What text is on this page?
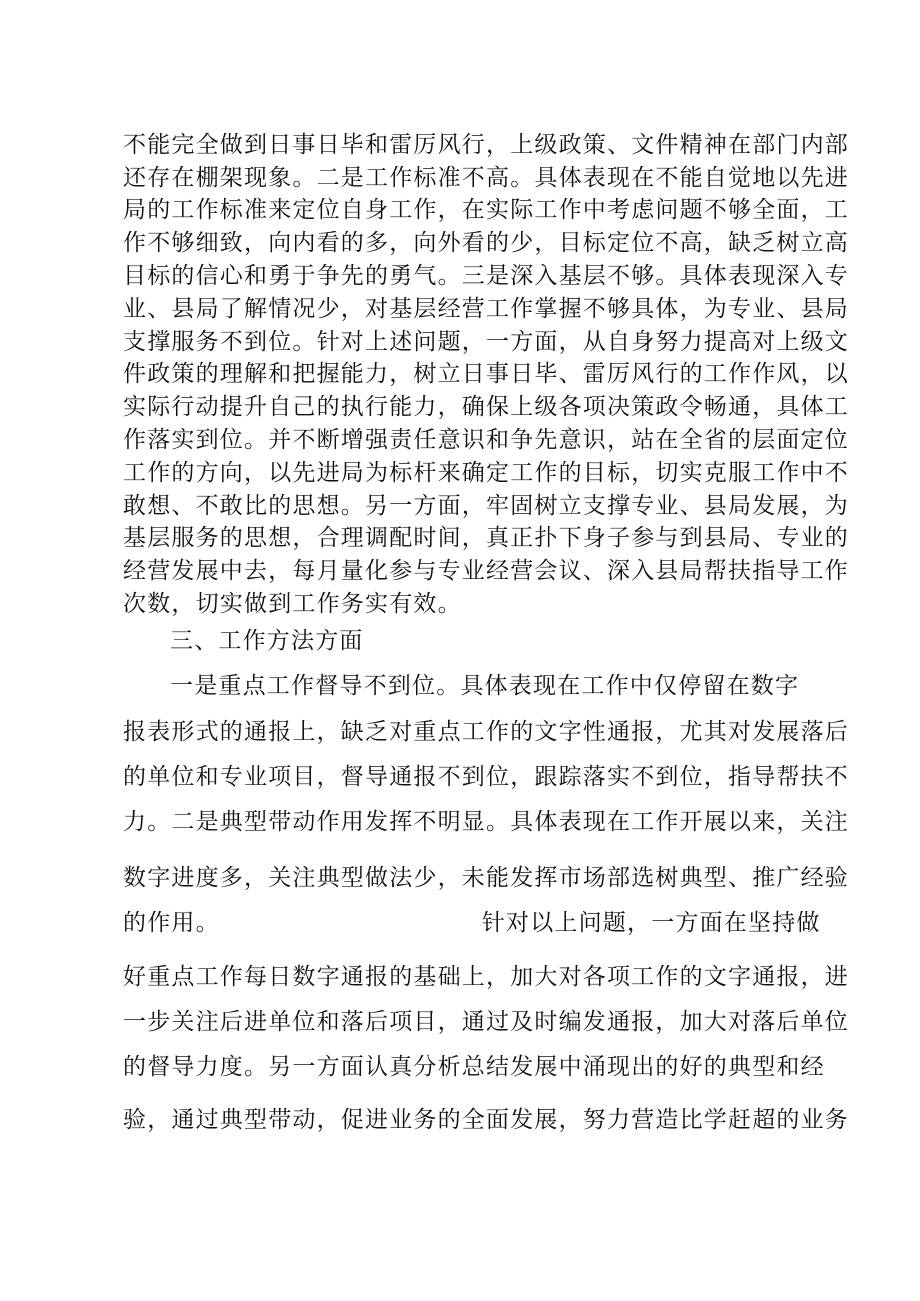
不能完全做到日事日毕和雷厉风行，上级政策、文件精神在部门内部

还存在棚架现象。二是工作标准不高。具体表现在不能自觉地以先进

局的工作标准来定位自身工作，在实际工作中考虑问题不够全面，工

作不够细致，向内看的多，向外看的少，目标定位不高，缺乏树立高

目标的信心和勇于争先的勇气。三是深入基层不够。具体表现深入专

业、县局了解情况少，对基层经营工作掌握不够具体，为专业、县局

支撑服务不到位。针对上述问题，一方面，从自身努力提高对上级文

件政策的理解和把握能力，树立日事日毕、雷厉风行的工作作风，以

实际行动提升自己的执行能力，确保上级各项决策政令畅通，具体工

作落实到位。并不断增强责任意识和争先意识，站在全省的层面定位

工作的方向，以先进局为标杆来确定工作的目标，切实克服工作中不

敢想、不敢比的思想。另一方面，牢固树立支撑专业、县局发展，为

基层服务的思想，合理调配时间，真正扑下身子参与到县局、专业的

经营发展中去，每月量化参与专业经营会议、深入县局帮扶指导工作

次数，切实做到工作务实有效。

三、工作方法方面

一是重点工作督导不到位。具体表现在工作中仅停留在数字

报表形式的通报上，缺乏对重点工作的文字性通报，尤其对发展落后

的单位和专业项目，督导通报不到位，跟踪落实不到位，指导帮扶不

力。二是典型带动作用发挥不明显。具体表现在工作开展以来，关注

数字进度多，关注典型做法少，未能发挥市场部选树典型、推广经验

的作用。	针对以上问题，一方面在坚持做

好重点工作每日数字通报的基础上，加大对各项工作的文字通报，进

一步关注后进单位和落后项目，通过及时编发通报，加大对落后单位

的督导力度。另一方面认真分析总结发展中涌现出的好的典型和经

验，通过典型带动，促进业务的全面发展，努力营造比学赶超的业务
